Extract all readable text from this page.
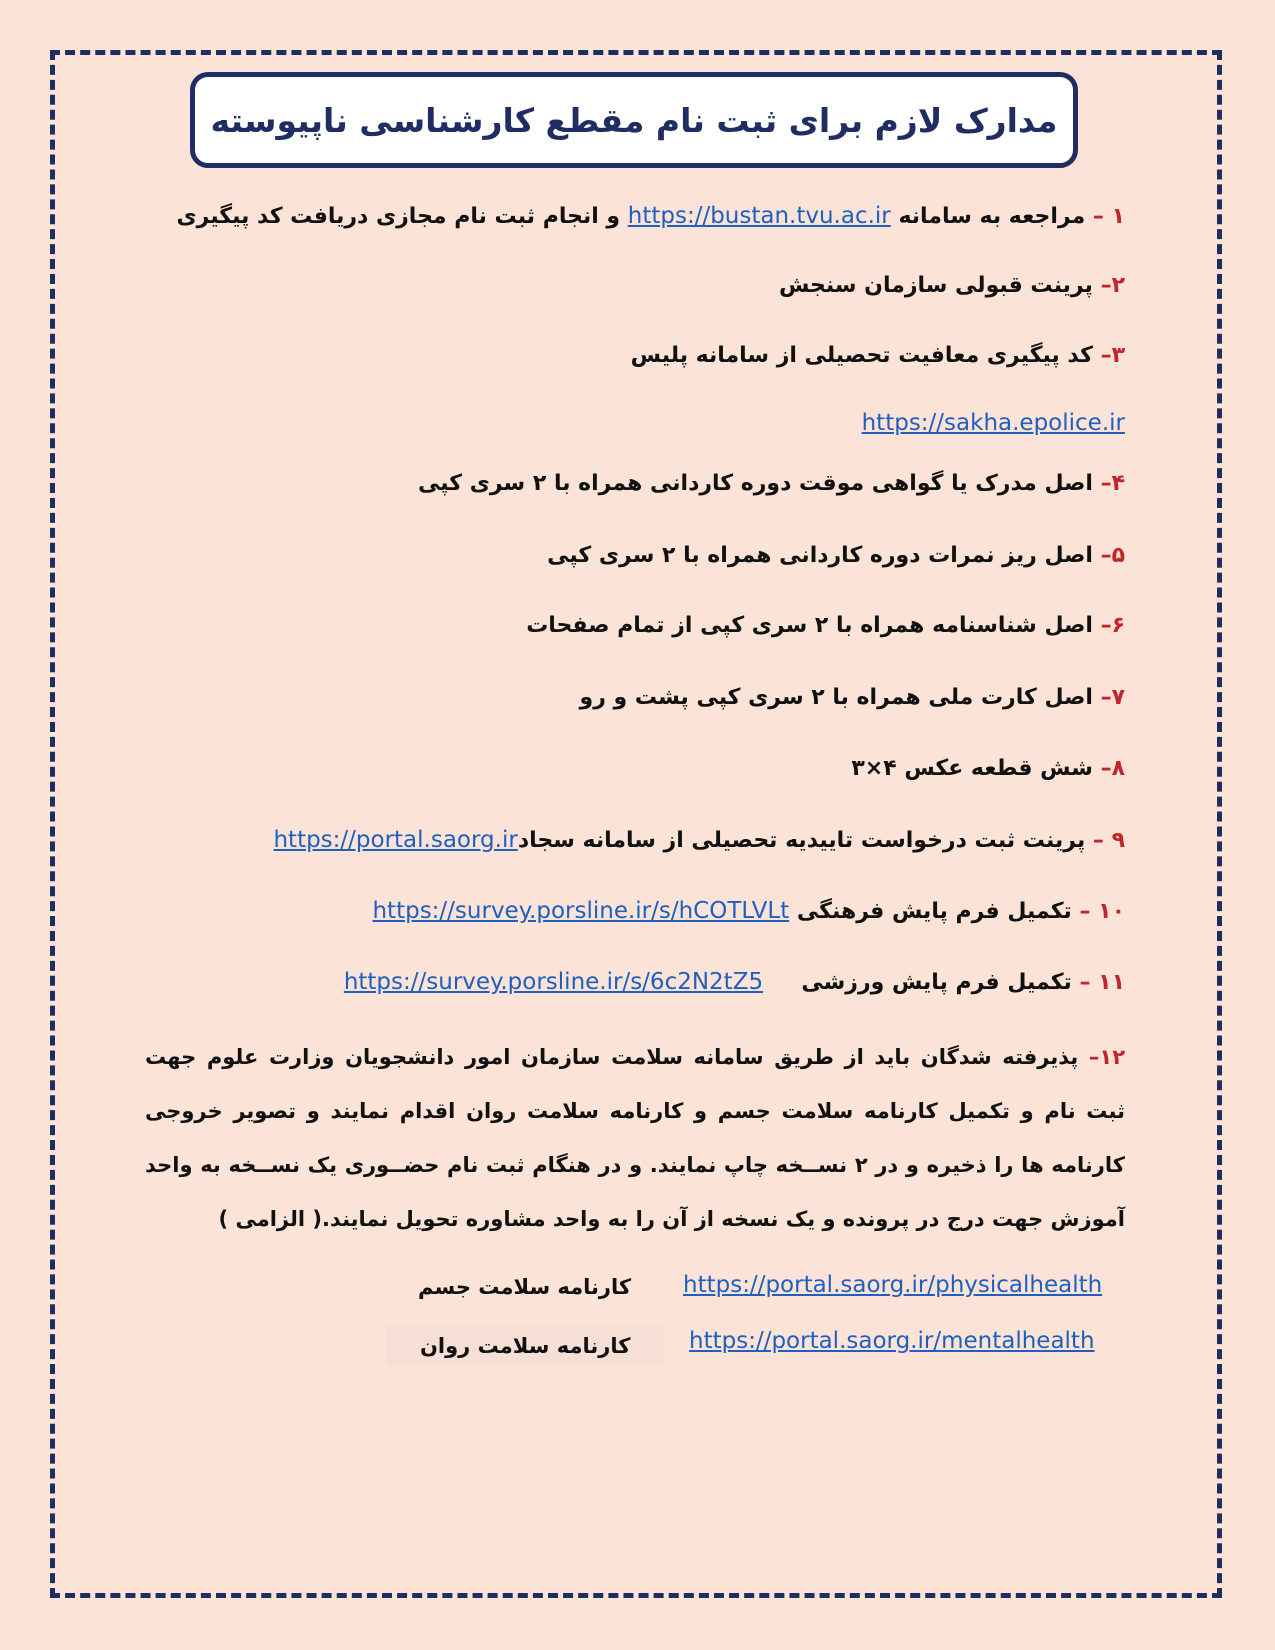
مدارک لازم برای ثبت نام مقطع کارشناسی ناپیوسته
۱ – مراجعه به سامانه https://bustan.tvu.ac.ir و انجام ثبت نام مجازی دریافت کد پیگیری
۲– پرینت قبولی سازمان سنجش
۳– کد پیگیری معافیت تحصیلی از سامانه پلیس
https://sakha.epolice.ir
۴– اصل مدرک یا گواهی موقت دوره کاردانی همراه با ۲ سری کپی
۵– اصل ریز نمرات دوره کاردانی همراه با ۲ سری کپی
۶– اصل شناسنامه همراه با ۲ سری کپی از تمام صفحات
۷– اصل کارت ملی همراه با ۲ سری کپی پشت و رو
۸– شش قطعه عکس ۴×۳
۹ – پرینت ثبت درخواست تاییدیه تحصیلی از سامانه سجادhttps://portal.saorg.ir
۱۰ – تکمیل فرم پایش فرهنگی https://survey.porsline.ir/s/hCOTLVLt
۱۱ – تکمیل فرم پایش ورزشی     https://survey.porsline.ir/s/6c2N2tZ5
۱۲– پذیرفته شدگان باید از طریق سامانه سلامت سازمان امور دانشجویان وزارت علوم جهت ثبت نام و تکمیل کارنامه سلامت جسم و کارنامه سلامت روان اقدام نمایند و تصویر خروجی کارنامه ها را ذخیره و در ۲ نســخه چاپ نمایند. و در هنگام ثبت نام حضــوری یک نســخه به واحد آموزش جهت درج در پرونده و یک نسخه از آن را به واحد مشاوره تحویل نمایند.( الزامی )
https://portal.saorg.ir/physicalhealth
کارنامه سلامت جسم
https://portal.saorg.ir/mentalhealth
کارنامه سلامت روان
